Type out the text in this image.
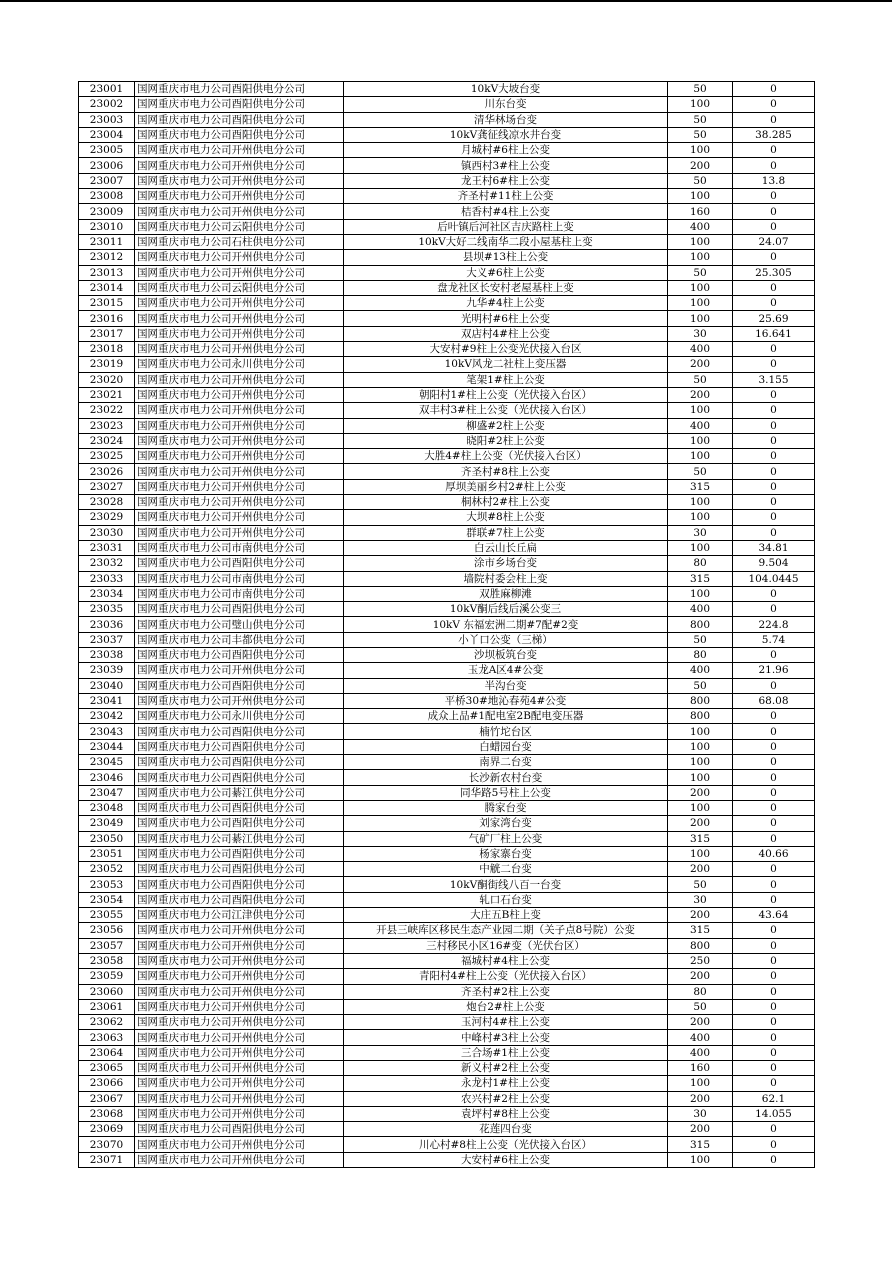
23001	国网重庆市电力公司酉阳供电分公司	10kV大坡台变	50	0
23002	国网重庆市电力公司酉阳供电分公司	川东台变	100	0
23003	国网重庆市电力公司酉阳供电分公司	清华林场台变	50	0
23004	国网重庆市电力公司酉阳供电分公司	10kV龚征线凉水井台变	50	38.285
23005	国网重庆市电力公司开州供电分公司	月城村#6柱上公变	100	0
23006	国网重庆市电力公司开州供电分公司	镇西村3#柱上公变	200	0
23007	国网重庆市电力公司开州供电分公司	龙王村6#柱上公变	50	13.8
23008	国网重庆市电力公司开州供电分公司	齐圣村#11柱上公变	100	0
23009	国网重庆市电力公司开州供电分公司	桔香村#4柱上公变	160	0
23010	国网重庆市电力公司云阳供电分公司	后叶镇后河社区吉庆路柱上变	400	0
23011	国网重庆市电力公司石柱供电分公司	10kV大好二线南华二段小屋基柱上变	100	24.07
23012	国网重庆市电力公司开州供电分公司	县坝#13柱上公变	100	0
23013	国网重庆市电力公司开州供电分公司	大义#6柱上公变	50	25.305
23014	国网重庆市电力公司云阳供电分公司	盘龙社区长安村老屋基柱上变	100	0
23015	国网重庆市电力公司开州供电分公司	九华#4柱上公变	100	0
23016	国网重庆市电力公司开州供电分公司	光明村#6柱上公变	100	25.69
23017	国网重庆市电力公司开州供电分公司	双店村4#柱上公变	30	16.641
23018	国网重庆市电力公司开州供电分公司	大安村#9柱上公变光伏接入台区	400	0
23019	国网重庆市电力公司永川供电分公司	10kV风龙二社柱上变压器	200	0
23020	国网重庆市电力公司开州供电分公司	笔架1#柱上公变	50	3.155
23021	国网重庆市电力公司开州供电分公司	朝阳村1#柱上公变（光伏接入台区）	200	0
23022	国网重庆市电力公司开州供电分公司	双丰村3#柱上公变（光伏接入台区）	100	0
23023	国网重庆市电力公司开州供电分公司	柳盛#2柱上公变	400	0
23024	国网重庆市电力公司开州供电分公司	晓阳#2柱上公变	100	0
23025	国网重庆市电力公司开州供电分公司	大胜4#柱上公变（光伏接入台区）	100	0
23026	国网重庆市电力公司开州供电分公司	齐圣村#8柱上公变	50	0
23027	国网重庆市电力公司开州供电分公司	厚坝美丽乡村2#柱上公变	315	0
23028	国网重庆市电力公司开州供电分公司	桐林村2#柱上公变	100	0
23029	国网重庆市电力公司开州供电分公司	大坝#8柱上公变	100	0
23030	国网重庆市电力公司开州供电分公司	群联#7柱上公变	30	0
23031	国网重庆市电力公司市南供电分公司	白云山长丘扁	100	34.81
23032	国网重庆市电力公司酉阳供电分公司	涂市乡场台变	80	9.504
23033	国网重庆市电力公司市南供电分公司	墙院村委会柱上变	315	104.0445
23034	国网重庆市电力公司市南供电分公司	双胜麻柳滩	100	0
23035	国网重庆市电力公司酉阳供电分公司	10kV酮后线后溪公变三	400	0
23036	国网重庆市电力公司璧山供电分公司	10kV 东福宏洲二期#7配#2变	800	224.8
23037	国网重庆市电力公司丰都供电分公司	小丫口公变（三梯）	50	5.74
23038	国网重庆市电力公司酉阳供电分公司	沙坝板筑台变	80	0
23039	国网重庆市电力公司开州供电分公司	玉龙A区4#公变	400	21.96
23040	国网重庆市电力公司酉阳供电分公司	半沟台变	50	0
23041	国网重庆市电力公司开州供电分公司	平桥30#地沁春苑4#公变	800	68.08
23042	国网重庆市电力公司永川供电分公司	成众上品#1配电室2B配电变压器	800	0
23043	国网重庆市电力公司酉阳供电分公司	楠竹坨台区	100	0
23044	国网重庆市电力公司酉阳供电分公司	白蜡园台变	100	0
23045	国网重庆市电力公司酉阳供电分公司	南界二台变	100	0
23046	国网重庆市电力公司酉阳供电分公司	长沙新农村台变	100	0
23047	国网重庆市电力公司綦江供电分公司	同华路5号柱上公变	200	0
23048	国网重庆市电力公司酉阳供电分公司	腾家台变	100	0
23049	国网重庆市电力公司酉阳供电分公司	刘家湾台变	200	0
23050	国网重庆市电力公司綦江供电分公司	气矿厂柱上公变	315	0
23051	国网重庆市电力公司酉阳供电分公司	杨家寨台变	100	40.66
23052	国网重庆市电力公司酉阳供电分公司	中觥二台变	200	0
23053	国网重庆市电力公司酉阳供电分公司	10kV酮街线八百一台变	50	0
23054	国网重庆市电力公司酉阳供电分公司	轧口石台变	30	0
23055	国网重庆市电力公司江津供电分公司	大庄五B柱上变	200	43.64
23056	国网重庆市电力公司开州供电分公司	开县三峡库区移民生态产业园二期（关子点8号院）公变	315	0
23057	国网重庆市电力公司开州供电分公司	三村移民小区16#变（光伏台区）	800	0
23058	国网重庆市电力公司开州供电分公司	福城村#4柱上公变	250	0
23059	国网重庆市电力公司开州供电分公司	青阳村4#柱上公变（光伏接入台区）	200	0
23060	国网重庆市电力公司开州供电分公司	齐圣村#2柱上公变	80	0
23061	国网重庆市电力公司开州供电分公司	炮台2#柱上公变	50	0
23062	国网重庆市电力公司开州供电分公司	玉河村4#柱上公变	200	0
23063	国网重庆市电力公司开州供电分公司	中峰村#3柱上公变	400	0
23064	国网重庆市电力公司开州供电分公司	三合场#1柱上公变	400	0
23065	国网重庆市电力公司开州供电分公司	新义村#2柱上公变	160	0
23066	国网重庆市电力公司开州供电分公司	永龙村1#柱上公变	100	0
23067	国网重庆市电力公司开州供电分公司	农兴村#2柱上公变	200	62.1
23068	国网重庆市电力公司开州供电分公司	袁坪村#8柱上公变	30	14.055
23069	国网重庆市电力公司酉阳供电分公司	花莲四台变	200	0
23070	国网重庆市电力公司开州供电分公司	川心村#8柱上公变（光伏接入台区）	315	0
23071	国网重庆市电力公司开州供电分公司	大安村#6柱上公变	100	0
